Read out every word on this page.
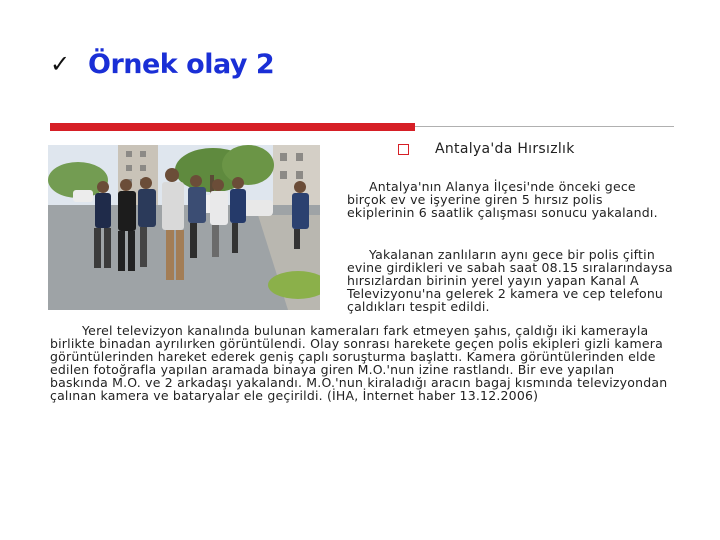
✓ Örnek olay 2
Antalya'da Hırsızlık

Antalya'nın Alanya İlçesi'nde önceki gece birçok ev ve işyerine giren 5 hırsız polis ekiplerinin 6 saatlik çalışması sonucu yakalandı.

Yakalanan zanlıların aynı gece bir polis çiftin evine girdikleri ve sabah saat 08.15 sıralarındaysa hırsızlardan birinin yerel yayın yapan Kanal A Televizyonu'na gelerek 2 kamera ve cep telefonu çaldıkları tespit edildi.

Yerel televizyon kanalında bulunan kameraları fark etmeyen şahıs, çaldığı iki kamerayla birlikte binadan ayrılırken görüntülendi. Olay sonrası harekete geçen polis ekipleri gizli kamera görüntülerinden hareket ederek geniş çaplı soruşturma başlattı. Kamera görüntülerinden elde edilen fotoğrafla yapılan aramada binaya giren M.O.'nun izine rastlandı. Bir eve yapılan baskında M.O. ve 2 arkadaşı yakalandı. M.O.'nun kiraladığı aracın bagaj kısmında televizyondan çalınan kamera ve bataryalar ele geçirildi. (İHA, İnternet haber 13.12.2006)
